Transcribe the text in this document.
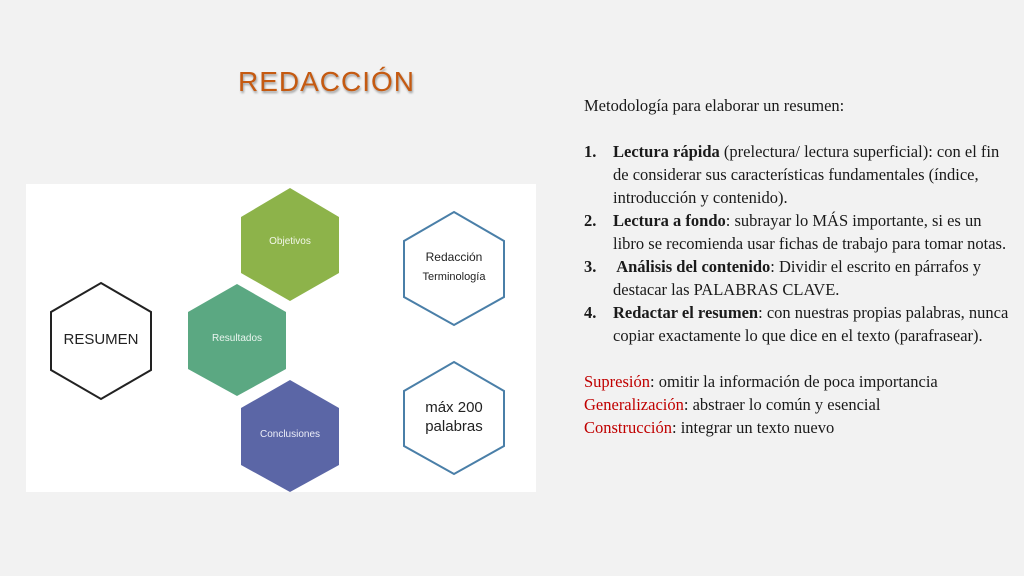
REDACCIÓN
RESUMEN
Objetivos
Resultados
Conclusiones
Redacción
Terminología
máx 200
palabras

Metodología para elaborar un resumen:

1. Lectura rápida (prelectura/ lectura superficial): con el fin de considerar sus características fundamentales (índice, introducción y contenido).
2. Lectura a fondo: subrayar lo MÁS importante, si es un libro se recomienda usar fichas de trabajo para tomar notas.
3. Análisis del contenido: Dividir el escrito en párrafos y destacar las PALABRAS CLAVE.
4. Redactar el resumen: con nuestras propias palabras, nunca copiar exactamente lo que dice en el texto (parafrasear).
Supresión: omitir la información de poca importancia
Generalización: abstraer lo común y esencial
Construcción: integrar un texto nuevo
